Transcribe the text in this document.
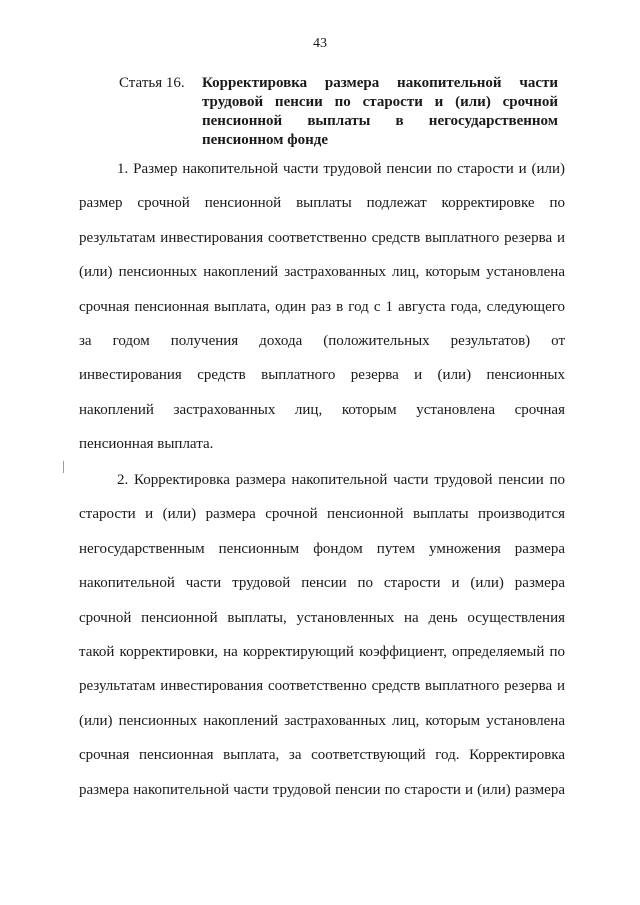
43
Статья 16.	Корректировка размера накопительной части
трудовой пенсии по старости и (или) срочной
пенсионной выплаты в негосударственном
пенсионном фонде
1. Размер накопительной части трудовой пенсии по старости и (или)
размер срочной пенсионной выплаты подлежат корректировке по
результатам инвестирования соответственно средств выплатного резерва и
(или) пенсионных накоплений застрахованных лиц, которым установлена
срочная пенсионная выплата, один раз в год с 1 августа года, следующего
за годом получения дохода (положительных результатов) от
инвестирования средств выплатного резерва и (или) пенсионных
накоплений застрахованных лиц, которым установлена срочная
пенсионная выплата.
2. Корректировка размера накопительной части трудовой пенсии по
старости и (или) размера срочной пенсионной выплаты производится
негосударственным пенсионным фондом путем умножения размера
накопительной части трудовой пенсии по старости и (или) размера
срочной пенсионной выплаты, установленных на день осуществления
такой корректировки, на корректирующий коэффициент, определяемый по
результатам инвестирования соответственно средств выплатного резерва и
(или) пенсионных накоплений застрахованных лиц, которым установлена
срочная пенсионная выплата, за соответствующий год. Корректировка
размера накопительной части трудовой пенсии по старости и (или) размера
